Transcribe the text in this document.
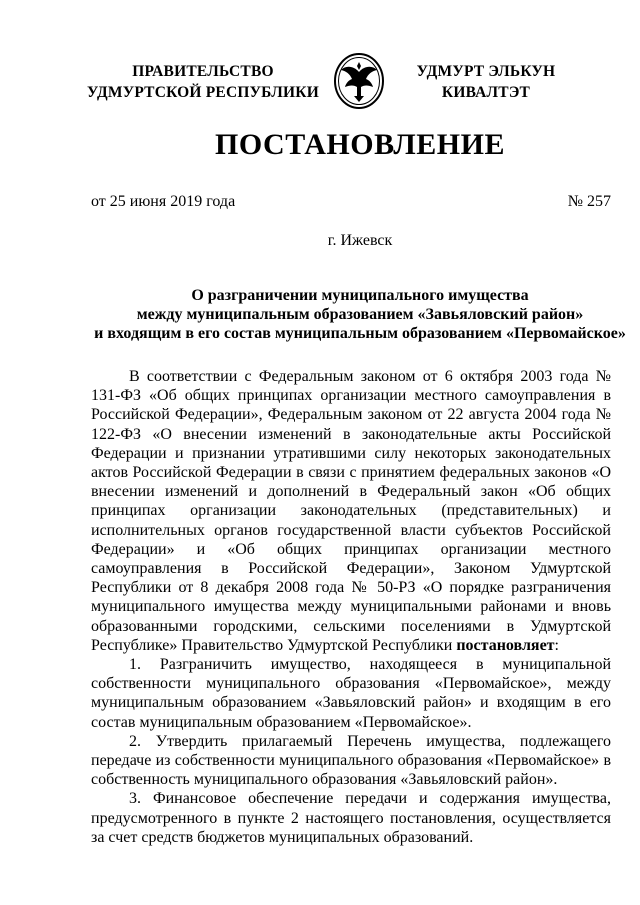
ПРАВИТЕЛЬСТВО
УДМУРТСКОЙ РЕСПУБЛИКИ
УДМУРТ ЭЛЬКУН
КИВАЛТЭТ
ПОСТАНОВЛЕНИЕ
от 25 июня 2019 года	№ 257
г. Ижевск
О разграничении муниципального имущества
между муниципальным образованием «Завьяловский район»
и входящим в его состав муниципальным образованием «Первомайское»

В соответствии с Федеральным законом от 6 октября 2003 года № 131-ФЗ «Об общих принципах организации местного самоуправления в Российской Федерации», Федеральным законом от 22 августа 2004 года № 122-ФЗ «О внесении изменений в законодательные акты Российской Федерации и признании утратившими силу некоторых законодательных актов Российской Федерации в связи с принятием федеральных законов «О внесении изменений и дополнений в Федеральный закон «Об общих принципах организации законодательных (представительных) и исполнительных органов государственной власти субъектов Российской Федерации» и «Об общих принципах организации местного самоуправления в Российской Федерации», Законом Удмуртской Республики от 8 декабря 2008 года № 50-РЗ «О порядке разграничения муниципального имущества между муниципальными районами и вновь образованными городскими, сельскими поселениями в Удмуртской Республике» Правительство Удмуртской Республики постановляет:

1. Разграничить имущество, находящееся в муниципальной собственности муниципального образования «Первомайское», между муниципальным образованием «Завьяловский район» и входящим в его состав муниципальным образованием «Первомайское».

2. Утвердить прилагаемый Перечень имущества, подлежащего передаче из собственности муниципального образования «Первомайское» в собственность муниципального образования «Завьяловский район».

3. Финансовое обеспечение передачи и содержания имущества, предусмотренного в пункте 2 настоящего постановления, осуществляется за счет средств бюджетов муниципальных образований.
